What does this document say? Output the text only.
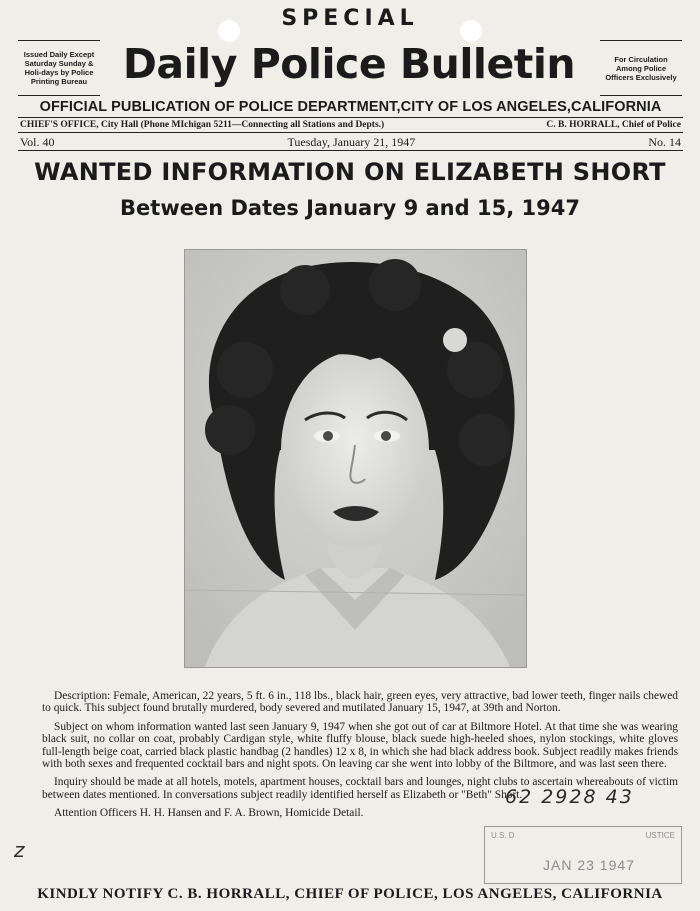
SPECIAL
Issued Daily Except Saturday Sunday & Holi-days by Police Printing Bureau Daily Police Bulletin	For Circulation Among Police Officers Exclusively
OFFICIAL PUBLICATION OF POLICE DEPARTMENT,CITY OF LOS ANGELES,CALIFORNIA
CHIEF'S OFFICE, City Hall (Phone MIchigan 5211—Connecting all Stations and Depts.)	C. B. HORRALL, Chief of Police
Vol. 40	Tuesday, January 21, 1947	No. 14
WANTED INFORMATION ON ELIZABETH SHORT
Between Dates January 9 and 15, 1947

Description: Female, American, 22 years, 5 ft. 6 in., 118 lbs., black hair, green eyes, very attractive, bad lower teeth, finger nails chewed to quick. This subject found brutally murdered, body severed and mutilated January 15, 1947, at 39th and Norton.

Subject on whom information wanted last seen January 9, 1947 when she got out of car at Biltmore Hotel. At that time she was wearing black suit, no collar on coat, probably Cardigan style, white fluffy blouse, black suede high-heeled shoes, nylon stockings, white gloves full-length beige coat, carried black plastic handbag (2 handles) 12 x 8, in which she had black address book. Subject readily makes friends with both sexes and frequented cocktail bars and night spots. On leaving car she went into lobby of the Biltmore, and was last seen there.

Inquiry should be made at all hotels, motels, apartment houses, cocktail bars and lounges, night clubs to ascertain whereabouts of victim between dates mentioned. In conversations subject readily identified herself as Elizabeth or "Beth" Short.

Attention Officers H. H. Hansen and F. A. Brown, Homicide Detail.

U.S. D	USTICE
JAN 23 1947
62 2928 43
z
KINDLY NOTIFY C. B. HORRALL, CHIEF OF POLICE, LOS ANGELES, CALIFORNIA
